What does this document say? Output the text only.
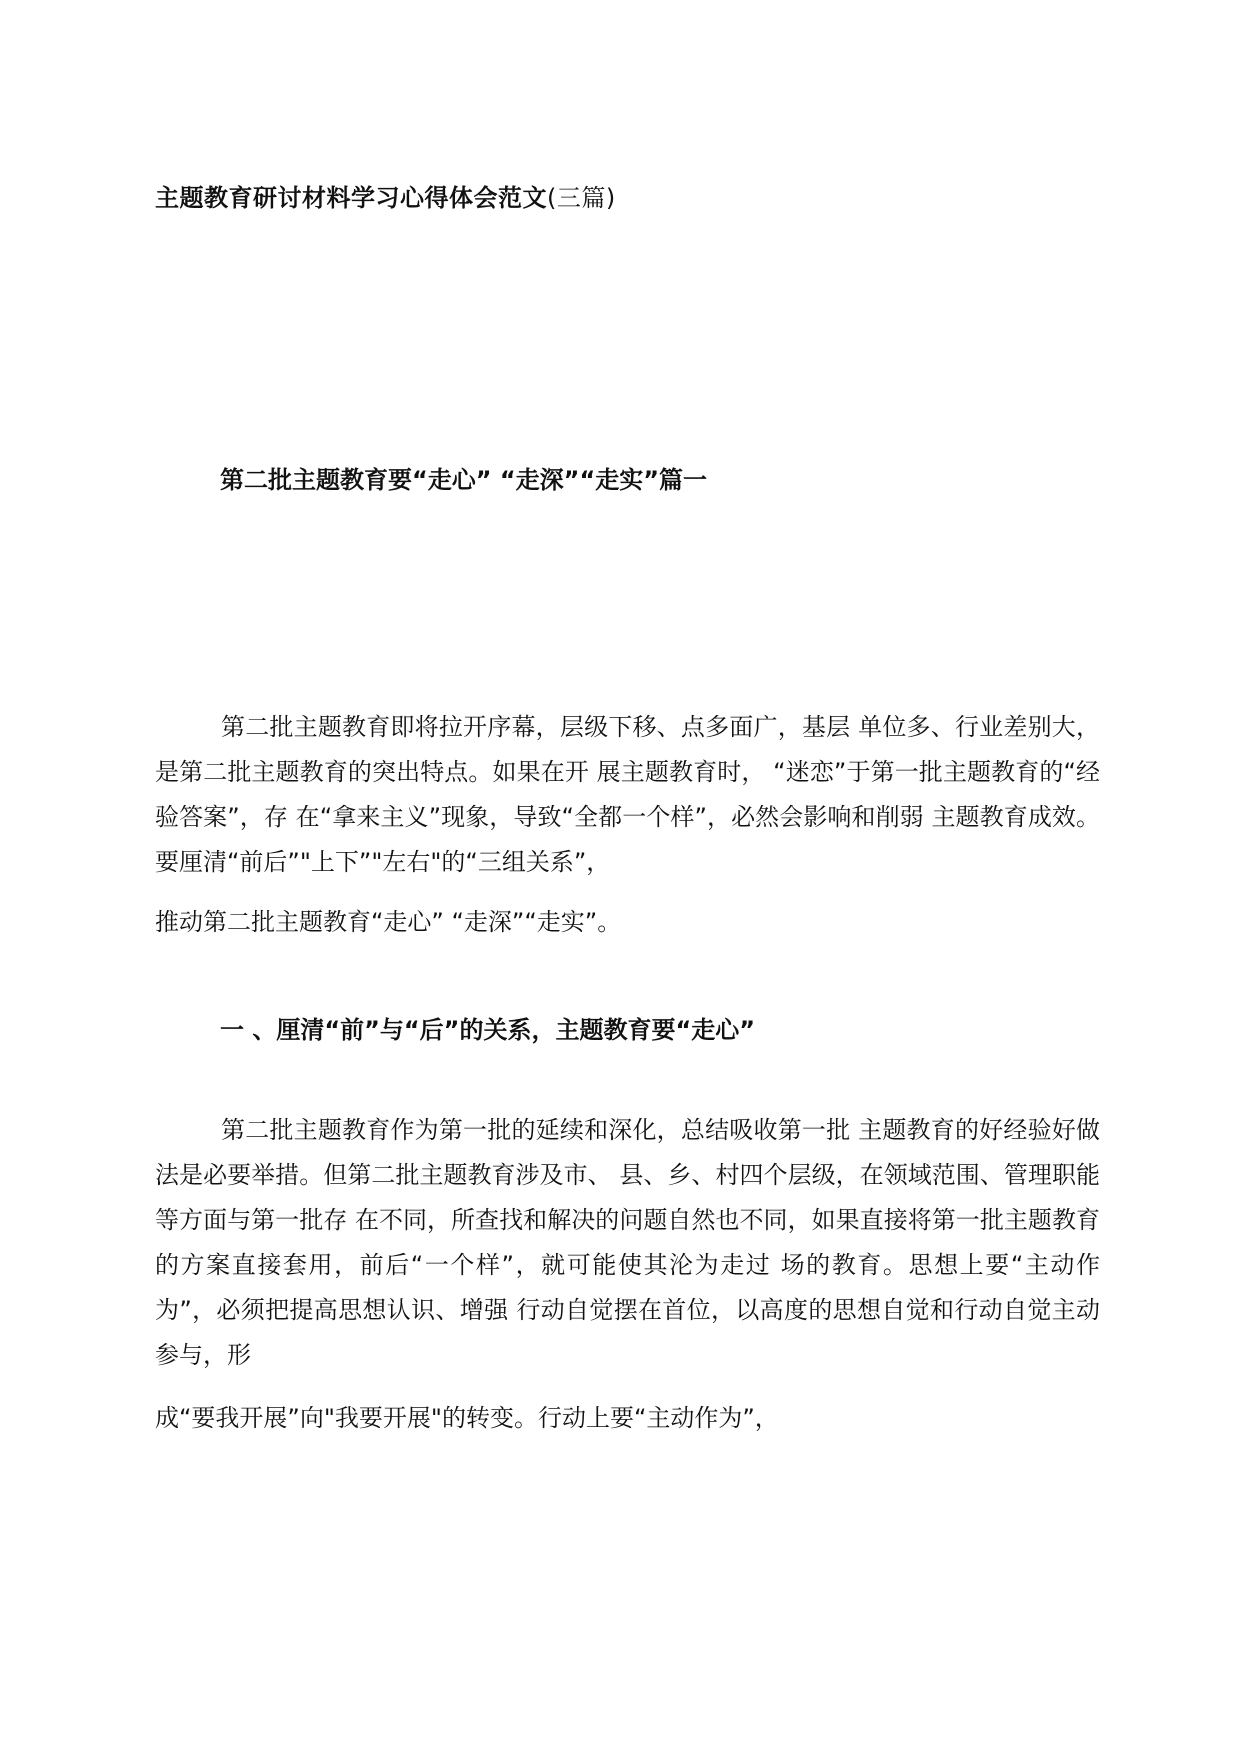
主题教育研讨材料学习心得体会范文(三篇)
第二批主题教育要“走心” “走深”“走实”篇一

第二批主题教育即将拉开序幕，层级下移、点多面广，基层 单位多、行业差别大，是第二批主题教育的突出特点。如果在开 展主题教育时， “迷恋”于第一批主题教育的“经验答案”，存 在“拿来主义”现象，导致“全都一个样”，必然会影响和削弱 主题教育成效。要厘清“前后”"上下”"左右"的“三组关系”，

推动第二批主题教育“走心” “走深”“走实”。
一 、厘清“前”与“后”的关系，主题教育要“走心”

第二批主题教育作为第一批的延续和深化，总结吸收第一批 主题教育的好经验好做法是必要举措。但第二批主题教育涉及市、 县、乡、村四个层级，在领域范围、管理职能等方面与第一批存 在不同，所查找和解决的问题自然也不同，如果直接将第一批主题教育的方案直接套用，前后“一个样”，就可能使其沦为走过 场的教育。思想上要“主动作为”，必须把提高思想认识、增强 行动自觉摆在首位，以高度的思想自觉和行动自觉主动参与，形

成“要我开展”向"我要开展"的转变。行动上要“主动作为”，
